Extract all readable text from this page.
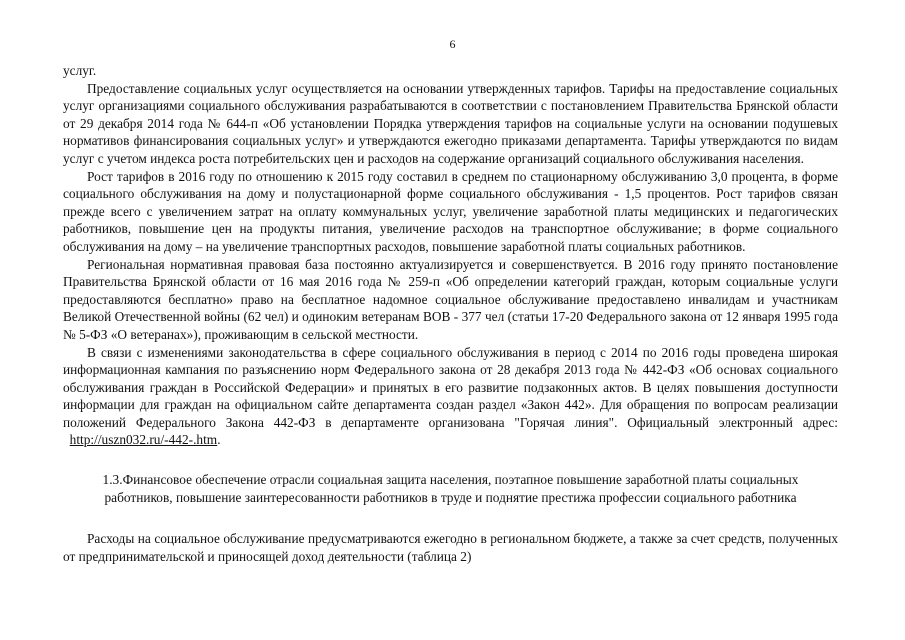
6

услуг.

Предоставление социальных услуг осуществляется на основании утвержденных тарифов. Тарифы на предоставление социальных услуг организациями социального обслуживания разрабатываются в соответствии с постановлением Правительства Брянской области от 29 декабря 2014 года № 644-п «Об установлении Порядка утверждения тарифов на социальные услуги на основании подушевых нормативов финансирования социальных услуг» и утверждаются ежегодно приказами департамента. Тарифы утверждаются по видам услуг с учетом индекса роста потребительских цен и расходов на содержание организаций социального обслуживания населения.

Рост тарифов в 2016 году по отношению к 2015 году составил в среднем по стационарному обслуживанию 3,0 процента, в форме социального обслуживания на дому и полустационарной форме социального обслуживания - 1,5 процентов. Рост тарифов связан прежде всего с увеличением затрат на оплату коммунальных услуг, увеличение заработной платы медицинских и педагогических работников, повышение цен на продукты питания, увеличение расходов на транспортное обслуживание; в форме социального обслуживания на дому – на увеличение транспортных расходов, повышение заработной платы социальных работников.

Региональная нормативная правовая база постоянно актуализируется и совершенствуется. В 2016 году принято постановление Правительства Брянской области от 16 мая 2016 года № 259-п «Об определении категорий граждан, которым социальные услуги предоставляются бесплатно» право на бесплатное надомное социальное обслуживание предоставлено инвалидам и участникам Великой Отечественной войны (62 чел) и одиноким ветеранам ВОВ - 377 чел (статьи 17-20 Федерального закона от 12 января 1995 года № 5-ФЗ «О ветеранах»), проживающим в сельской местности.

В связи с изменениями законодательства в сфере социального обслуживания в период с 2014 по 2016 годы проведена широкая информационная кампания по разъяснению норм Федерального закона от 28 декабря 2013 года № 442-ФЗ «Об основах социального обслуживания граждан в Российской Федерации» и принятых в его развитие подзаконных актов. В целях повышения доступности информации для граждан на официальном сайте департамента создан раздел «Закон 442». Для обращения по вопросам реализации положений Федерального Закона 442-ФЗ в департаменте организована "Горячая линия". Официальный электронный адрес:  http://uszn032.ru/-442-.htm.

1.3.Финансовое обеспечение отрасли социальная защита населения, поэтапное повышение заработной платы социальных работников, повышение заинтересованности работников в труде и поднятие престижа профессии социального работника

Расходы на социальное обслуживание предусматриваются ежегодно в региональном бюджете, а также за счет средств, полученных от предпринимательской и приносящей доход деятельности (таблица 2)
